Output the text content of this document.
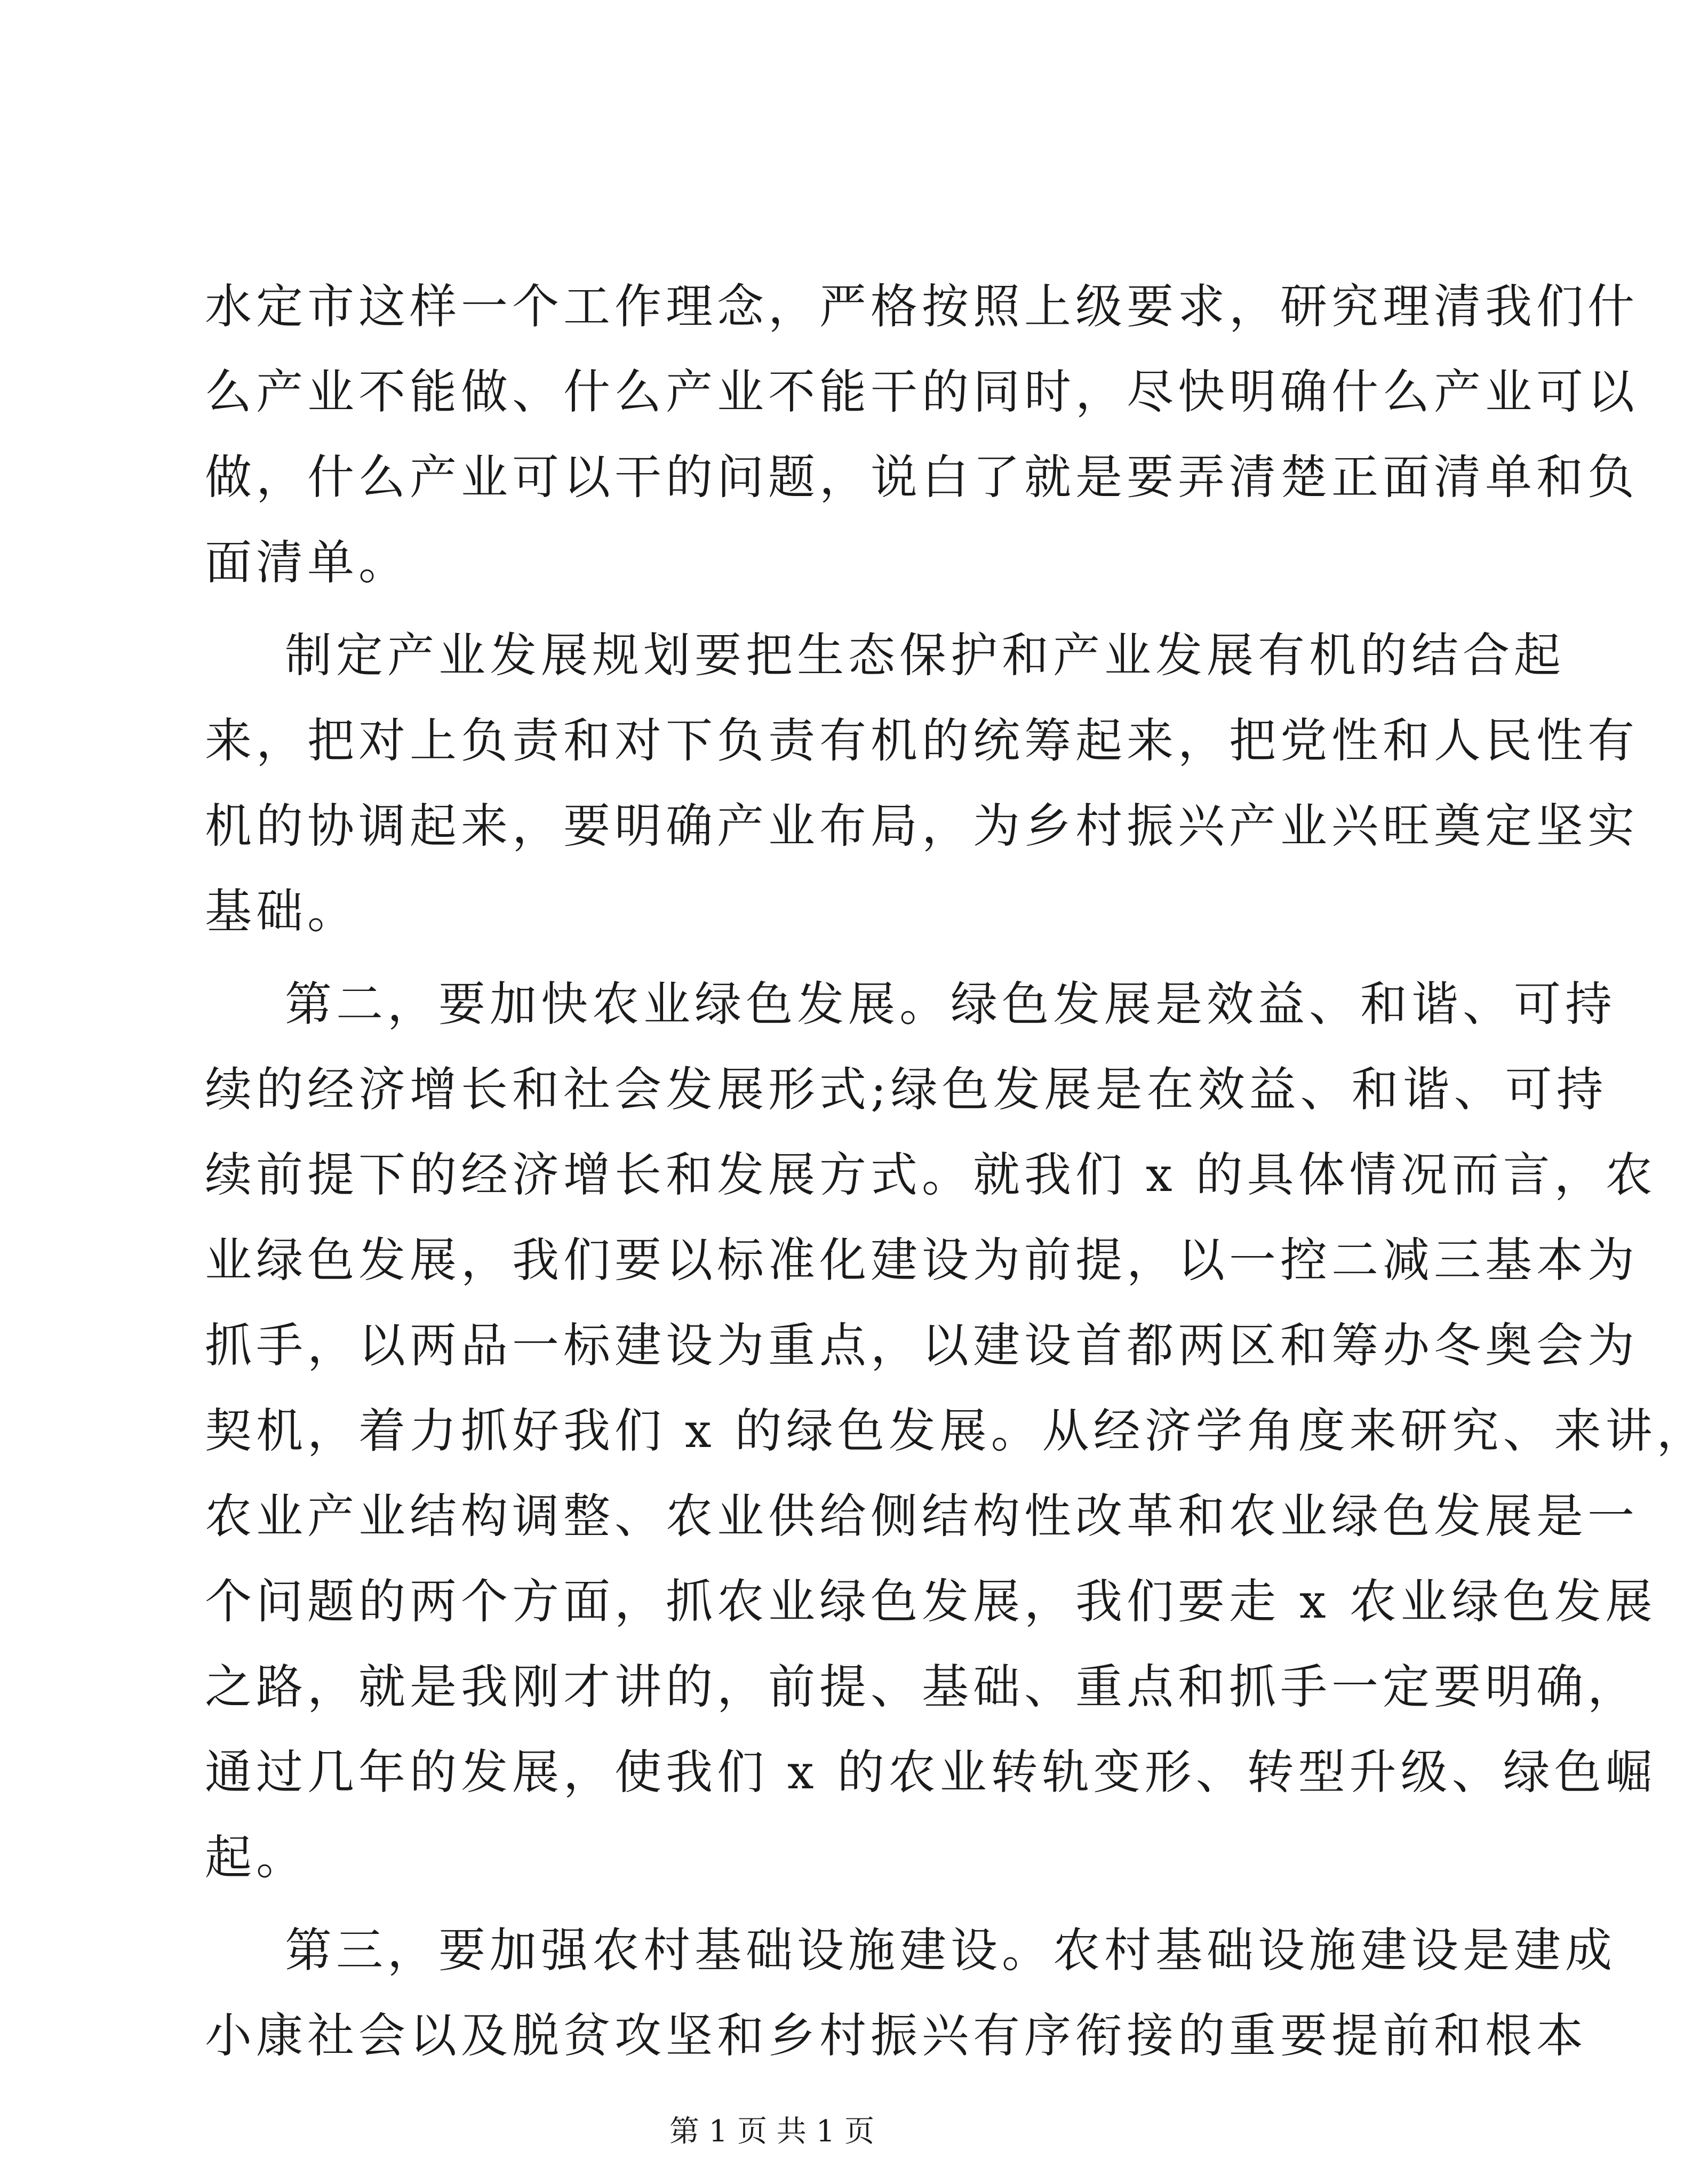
水定市这样一个工作理念，严格按照上级要求，研究理清我们什
么产业不能做、什么产业不能干的同时，尽快明确什么产业可以
做，什么产业可以干的问题，说白了就是要弄清楚正面清单和负
面清单。
制定产业发展规划要把生态保护和产业发展有机的结合起
来，把对上负责和对下负责有机的统筹起来，把党性和人民性有
机的协调起来，要明确产业布局，为乡村振兴产业兴旺奠定坚实
基础。
第二，要加快农业绿色发展。绿色发展是效益、和谐、可持
续的经济增长和社会发展形式;绿色发展是在效益、和谐、可持
续前提下的经济增长和发展方式。就我们 x 的具体情况而言，农
业绿色发展，我们要以标准化建设为前提，以一控二减三基本为
抓手，以两品一标建设为重点，以建设首都两区和筹办冬奥会为
契机，着力抓好我们 x 的绿色发展。从经济学角度来研究、来讲，
农业产业结构调整、农业供给侧结构性改革和农业绿色发展是一
个问题的两个方面，抓农业绿色发展，我们要走 x 农业绿色发展
之路，就是我刚才讲的，前提、基础、重点和抓手一定要明确，
通过几年的发展，使我们 x 的农业转轨变形、转型升级、绿色崛
起。
第 1 页 共 1 页
第三，要加强农村基础设施建设。农村基础设施建设是建成
小康社会以及脱贫攻坚和乡村振兴有序衔接的重要提前和根本
